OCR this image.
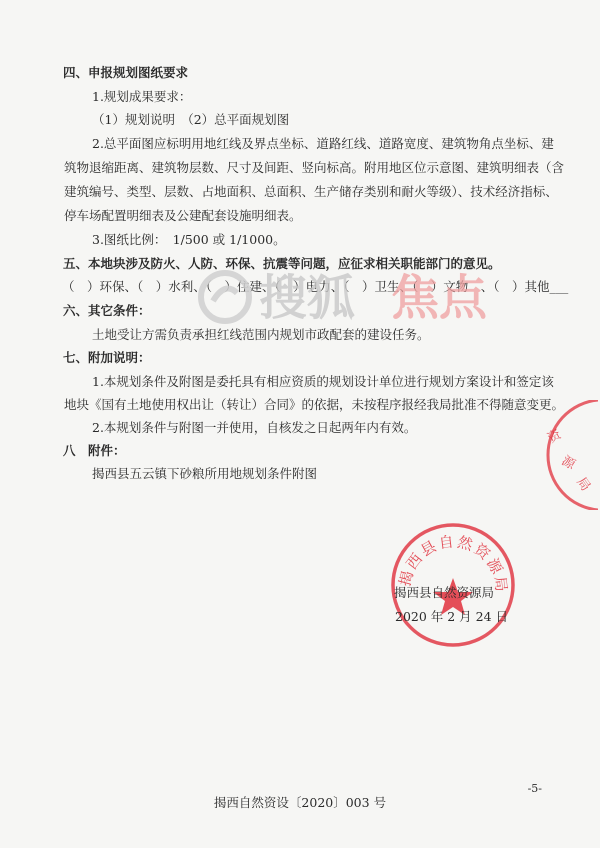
四、申报规划图纸要求
1.规划成果要求：
（1）规划说明　（2）总平面规划图
2.总平面图应标明用地红线及界点坐标、道路红线、道路宽度、建筑物角点坐标、建
筑物退缩距离、建筑物层数、尺寸及间距、竖向标高。附用地区位示意图、建筑明细表（含
建筑编号、类型、层数、占地面积、总面积、生产储存类别和耐火等级）、技术经济指标、
停车场配置明细表及公建配套设施明细表。
3.图纸比例：　1/500 或 1/1000。
五、本地块涉及防火、人防、环保、抗震等问题，应征求相关职能部门的意见。
（　）环保、（　）水利、（　）住建、（　）电力、（　）卫生、（　）文物　、（　）其他___
六、其它条件：
土地受让方需负责承担红线范围内规划市政配套的建设任务。
七、附加说明：
1.本规划条件及附图是委托具有相应资质的规划设计单位进行规划方案设计和签定该
地块《国有土地使用权出让（转让）合同》的依据，未按程序报经我局批准不得随意变更。
2.本规划条件与附图一并使用，自核发之日起两年内有效。
八　附件：
揭西县五云镇下砂粮所用地规划条件附图
搜狐 焦点
资
源
局
揭西县自然资源局
揭西县自然资源局
2020 年 2 月 24 日
-5-
揭西自然资设〔2020〕003 号
